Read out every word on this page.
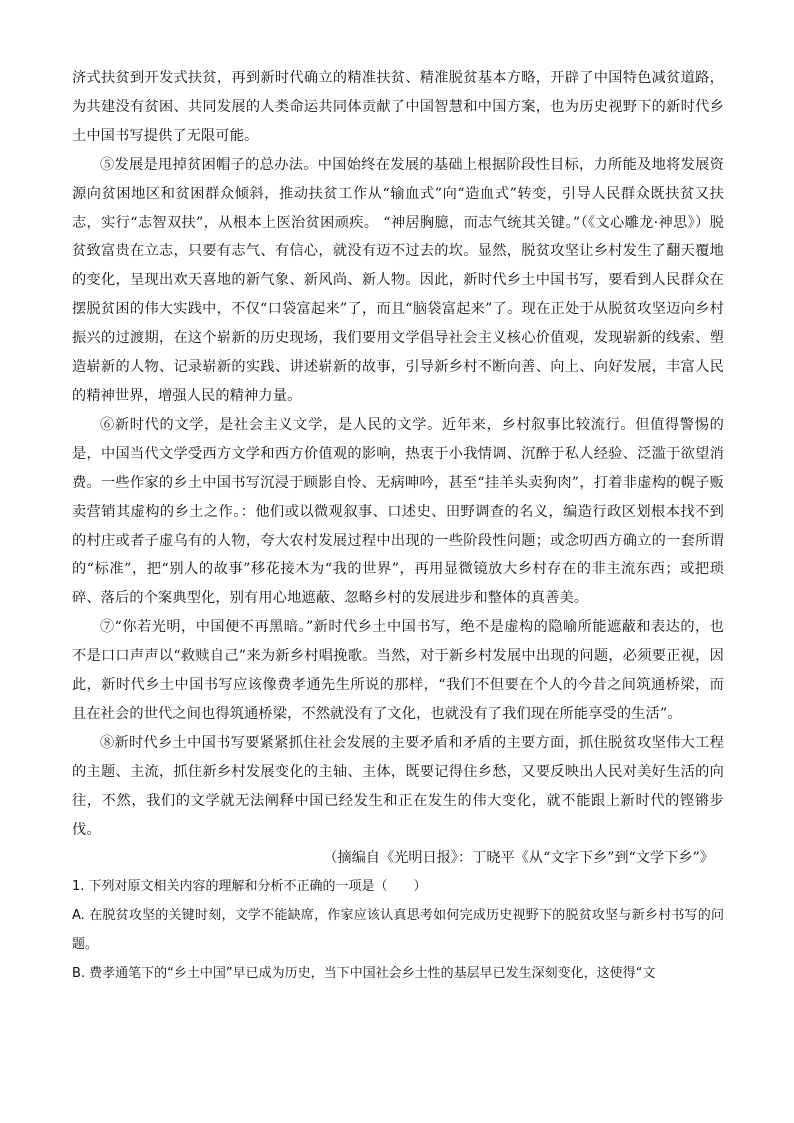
济式扶贫到开发式扶贫，再到新时代确立的精准扶贫、精准脱贫基本方略，开辟了中国特色减贫道路，为共建没有贫困、共同发展的人类命运共同体贡献了中国智慧和中国方案，也为历史视野下的新时代乡土中国书写提供了无限可能。

⑤发展是甩掉贫困帽子的总办法。中国始终在发展的基础上根据阶段性目标，力所能及地将发展资源向贫困地区和贫困群众倾斜，推动扶贫工作从“输血式”向“造血式”转变，引导人民群众既扶贫又扶志，实行“志智双扶”，从根本上医治贫困顽疾。 “神居胸臆，而志气统其关键。”（《文心雕龙·神思》）脱贫致富贵在立志，只要有志气、有信心，就没有迈不过去的坎。显然，脱贫攻坚让乡村发生了翻天覆地的变化，呈现出欢天喜地的新气象、新风尚、新人物。因此，新时代乡土中国书写，要看到人民群众在摆脱贫困的伟大实践中，不仅“口袋富起来”了，而且“脑袋富起来”了。现在正处于从脱贫攻坚迈向乡村振兴的过渡期，在这个崭新的历史现场，我们要用文学倡导社会主义核心价值观，发现崭新的线索、塑造崭新的人物、记录崭新的实践、讲述崭新的故事，引导新乡村不断向善、向上、向好发展，丰富人民的精神世界，增强人民的精神力量。

⑥新时代的文学，是社会主义文学，是人民的文学。近年来，乡村叙事比较流行。但值得警惕的是，中国当代文学受西方文学和西方价值观的影响，热衷于小我情调、沉醉于私人经验、泛滥于欲望消费。一些作家的乡土中国书写沉浸于顾影自怜、无病呻吟，甚至“挂羊头卖狗肉”，打着非虚构的幌子贩卖营销其虚构的乡土之作。：他们或以微观叙事、口述史、田野调查的名义，编造行政区划根本找不到的村庄或者子虚乌有的人物，夸大农村发展过程中出现的一些阶段性问题；或念叨西方确立的一套所谓的“标准”，把“别人的故事”移花接木为“我的世界”，再用显微镜放大乡村存在的非主流东西；或把琐碎、落后的个案典型化，别有用心地遮蔽、忽略乡村的发展进步和整体的真善美。

⑦“你若光明，中国便不再黑暗。”新时代乡土中国书写，绝不是虚构的隐喻所能遮蔽和表达的，也不是口口声声以“救赎自己”来为新乡村唱挽歌。当然，对于新乡村发展中出现的问题，必须要正视，因此，新时代乡土中国书写应该像费孝通先生所说的那样，“我们不但要在个人的今昔之间筑通桥梁，而且在社会的世代之间也得筑通桥梁，不然就没有了文化，也就没有了我们现在所能享受的生活”。

⑧新时代乡土中国书写要紧紧抓住社会发展的主要矛盾和矛盾的主要方面，抓住脱贫攻坚伟大工程的主题、主流，抓住新乡村发展变化的主轴、主体，既要记得住乡愁，又要反映出人民对美好生活的向往，不然，我们的文学就无法阐释中国已经发生和正在发生的伟大变化，就不能跟上新时代的铿锵步伐。

（摘编自《光明日报》：丁晓平《从“文字下乡”到“文学下乡”》

1. 下列对原文相关内容的理解和分析不正确的一项是（　　）

A. 在脱贫攻坚的关键时刻，文学不能缺席，作家应该认真思考如何完成历史视野下的脱贫攻坚与新乡村书写的问题。

B. 费孝通笔下的“乡土中国”早已成为历史，当下中国社会乡土性的基层早已发生深刻变化，这使得“文
